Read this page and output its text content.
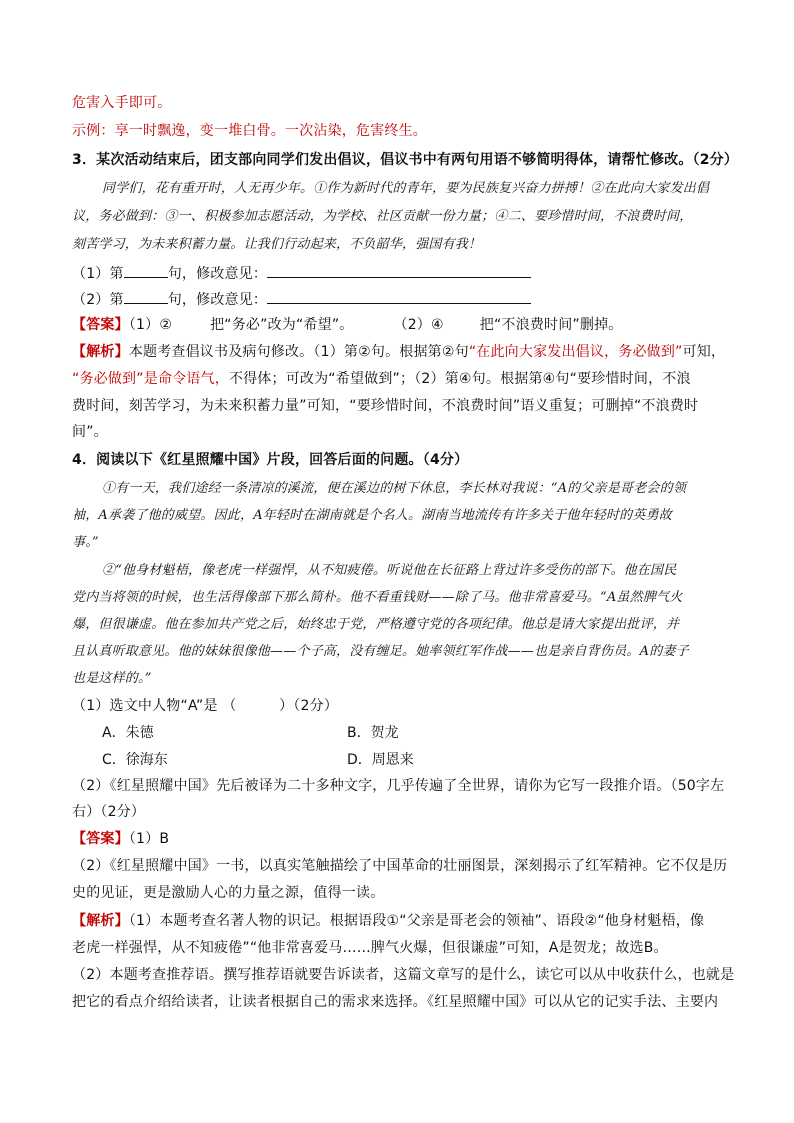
危害入手即可。
示例：享一时飘逸，变一堆白骨。一次沾染，危害终生。
3．某次活动结束后，团支部向同学们发出倡议，倡议书中有两句用语不够简明得体，请帮忙修改。（2分）
同学们，花有重开时，人无再少年。①作为新时代的青年，要为民族复兴奋力拼搏！②在此向大家发出倡
议，务必做到：③一、积极参加志愿活动，为学校、社区贡献一份力量；④二、要珍惜时间，不浪费时间，
刻苦学习，为未来积蓄力量。让我们行动起来，不负韶华，强国有我！
（1）第	句，修改意见：
（2）第	句，修改意见：
【答案】（1）②	把“务必”改为“希望”。	（2）④	把“不浪费时间”删掉。
【解析】本题考查倡议书及病句修改。（1）第②句。根据第②句“在此向大家发出倡议，务必做到”可知，
“务必做到”是命令语气，不得体；可改为“希望做到”；（2）第④句。根据第④句“要珍惜时间，不浪
费时间，刻苦学习，为未来积蓄力量”可知，“要珍惜时间，不浪费时间”语义重复；可删掉“不浪费时
间”。
4．阅读以下《红星照耀中国》片段，回答后面的问题。（4分）
①有一天，我们途经一条清凉的溪流，便在溪边的树下休息，李长林对我说：“A的父亲是哥老会的领
袖，A承袭了他的威望。因此，A年轻时在湖南就是个名人。湖南当地流传有许多关于他年轻时的英勇故
事。”
②“他身材魁梧，像老虎一样强悍，从不知疲倦。听说他在长征路上背过许多受伤的部下。他在国民
党内当将领的时候，也生活得像部下那么简朴。他不看重钱财——除了马。他非常喜爱马。“A虽然脾气火
爆，但很谦虚。他在参加共产党之后，始终忠于党，严格遵守党的各项纪律。他总是请大家提出批评，并
且认真听取意见。他的妹妹很像他——个子高，没有缠足。她率领红军作战——也是亲自背伤员。A的妻子
也是这样的。”
（1）选文中人物“A”是 （　　　）（2分）
A．朱德	B．贺龙
C．徐海东	D．周恩来
（2）《红星照耀中国》先后被译为二十多种文字，几乎传遍了全世界，请你为它写一段推介语。（50字左
右）（2分）
【答案】（1）B
（2）《红星照耀中国》一书，以真实笔触描绘了中国革命的壮丽图景，深刻揭示了红军精神。它不仅是历
史的见证，更是激励人心的力量之源，值得一读。
【解析】（1）本题考查名著人物的识记。根据语段①“父亲是哥老会的领袖”、语段②“他身材魁梧，像
老虎一样强悍，从不知疲倦”“他非常喜爱马……脾气火爆，但很谦虚”可知，A是贺龙；故选B。
（2）本题考查推荐语。撰写推荐语就要告诉读者，这篇文章写的是什么，读它可以从中收获什么，也就是
把它的看点介绍给读者，让读者根据自己的需求来选择。《红星照耀中国》可以从它的记实手法、主要内
